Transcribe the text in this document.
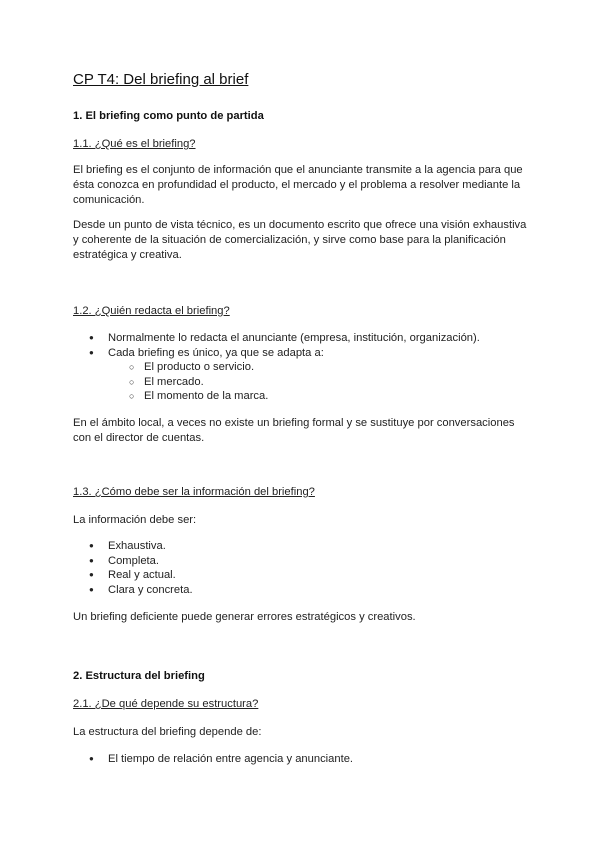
CP T4: Del briefing al brief
1. El briefing como punto de partida
1.1. ¿Qué es el briefing?
El briefing es el conjunto de información que el anunciante transmite a la agencia para que ésta conozca en profundidad el producto, el mercado y el problema a resolver mediante la comunicación.
Desde un punto de vista técnico, es un documento escrito que ofrece una visión exhaustiva y coherente de la situación de comercialización, y sirve como base para la planificación estratégica y creativa.
1.2. ¿Quién redacta el briefing?
● Normalmente lo redacta el anunciante (empresa, institución, organización).
● Cada briefing es único, ya que se adapta a:
○ El producto o servicio.
○ El mercado.
○ El momento de la marca.
En el ámbito local, a veces no existe un briefing formal y se sustituye por conversaciones con el director de cuentas.
1.3. ¿Cómo debe ser la información del briefing?
La información debe ser:
● Exhaustiva.
● Completa.
● Real y actual.
● Clara y concreta.
Un briefing deficiente puede generar errores estratégicos y creativos.
2. Estructura del briefing
2.1. ¿De qué depende su estructura?
La estructura del briefing depende de:
● El tiempo de relación entre agencia y anunciante.
